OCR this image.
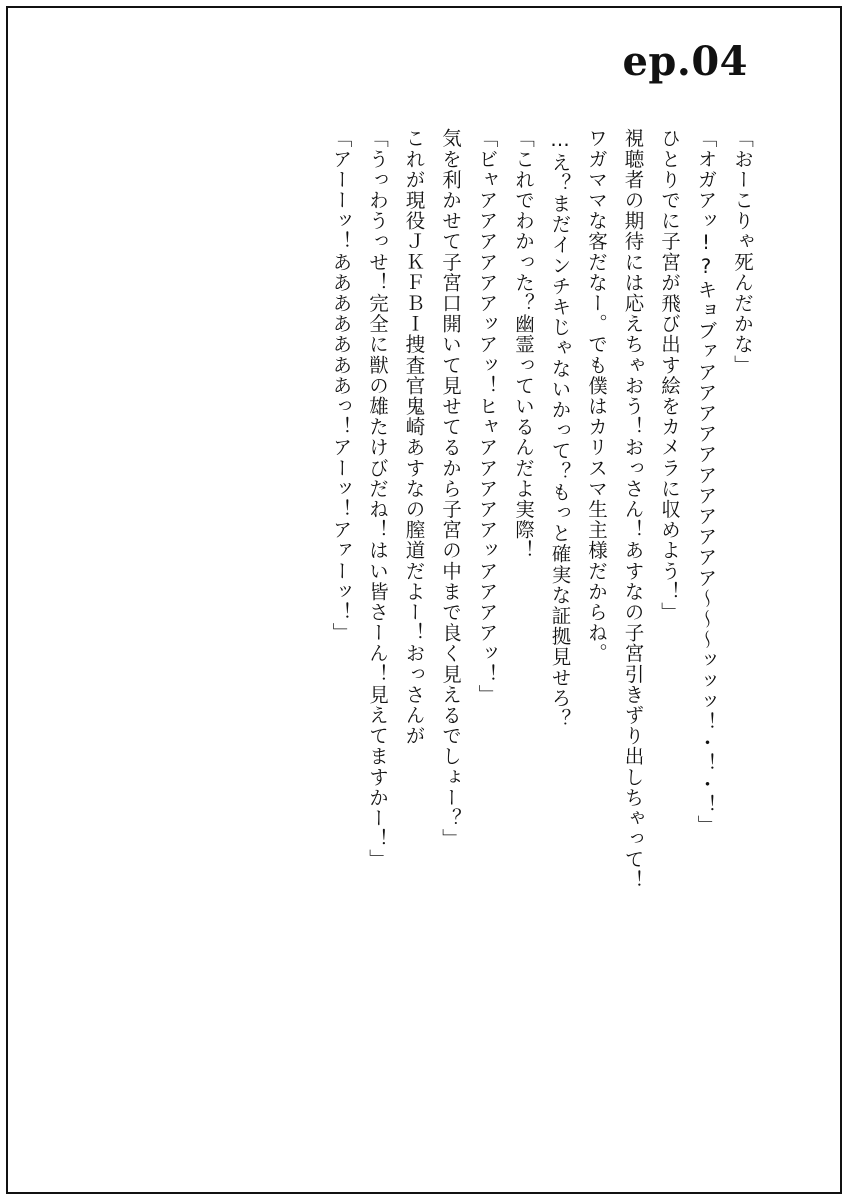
ep.04
「アーーッ！あああああああっ！アーッ！アァーッ！」 「うっわうっせ！完全に獣の雄たけびだね！はい皆さーん！見えてますかー！」 これが現役ＪＫＦＢＩ捜査官鬼崎あすなの膣道だよー！おっさんが 気を利かせて子宮口開いて見せてるから子宮の中まで良く見えるでしょー？」 「ビャアアアアアアッアッ！ヒャアアアアアッアアアアッ！」 「これでわかった？幽霊っているんだよ実際！ …え？まだインチキじゃないかって？もっと確実な証拠見せろ？ ワガママな客だなー。でも僕はカリスマ生主様だからね。 視聴者の期待には応えちゃおう！おっさん！あすなの子宮引きずり出しちゃって！ ひとりでに子宮が飛び出す絵をカメラに収めよう！」 「オガアッ!?キョブァアアアアアアアアアアア～～～ッッッ！・！・！」 「おーこりゃ死んだかな」
